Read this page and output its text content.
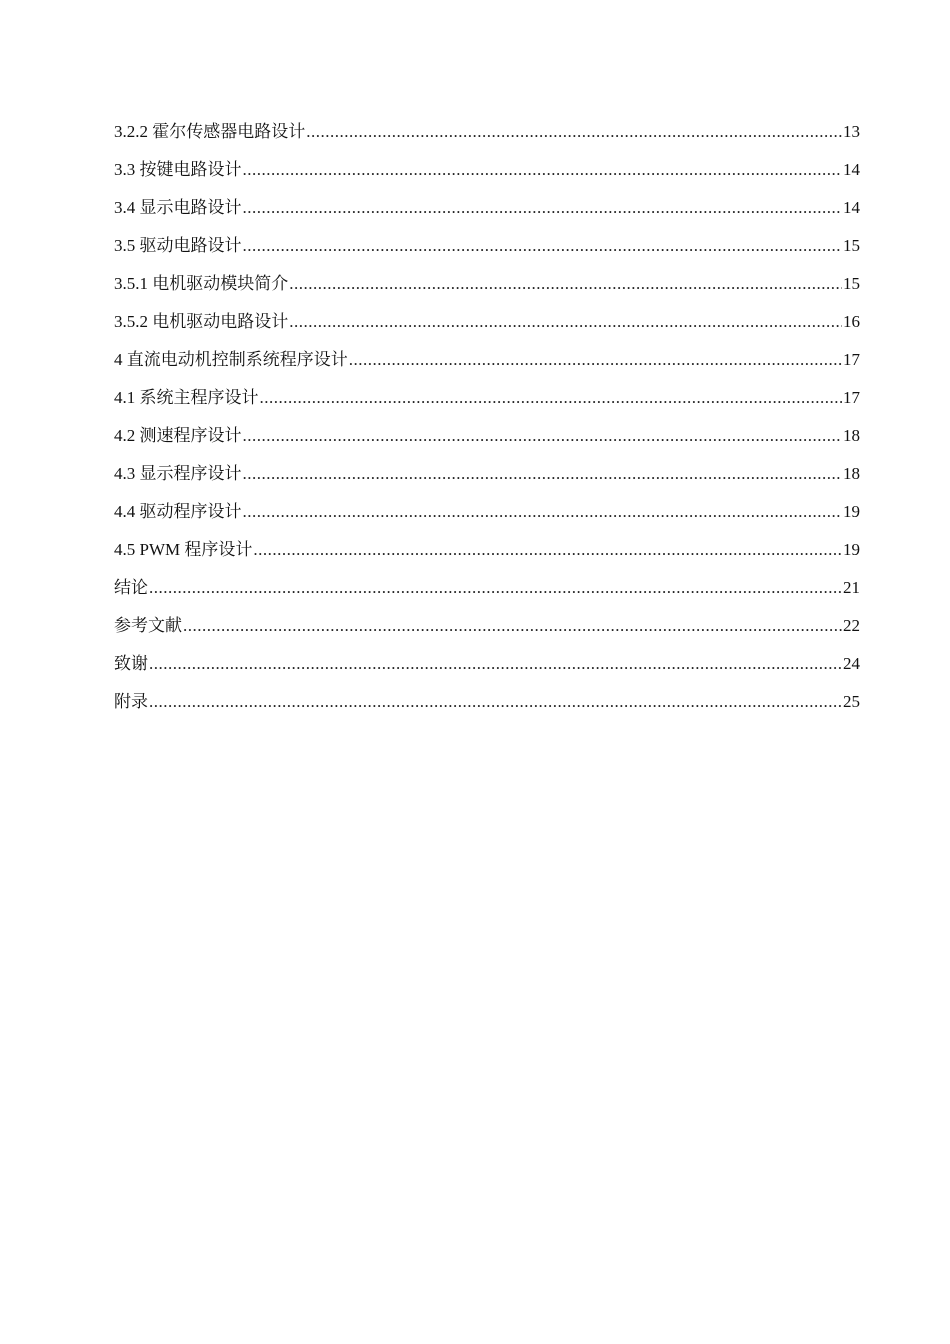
3.2.2 霍尔传感器电路设计 .....	13
3.3 按键电路设计 .....	14
3.4 显示电路设计 .....	14
3.5 驱动电路设计 .....	15
3.5.1 电机驱动模块简介 .....	15
3.5.2 电机驱动电路设计 .....	16
4 直流电动机控制系统程序设计 .....	17
4.1 系统主程序设计 .....	17
4.2 测速程序设计 .....	18
4.3 显示程序设计 .....	18
4.4 驱动程序设计 .....	19
4.5 PWM 程序设计 .....	19
结论 .....	21
参考文献 .....	22
致谢 .....	24
附录 .....	25
